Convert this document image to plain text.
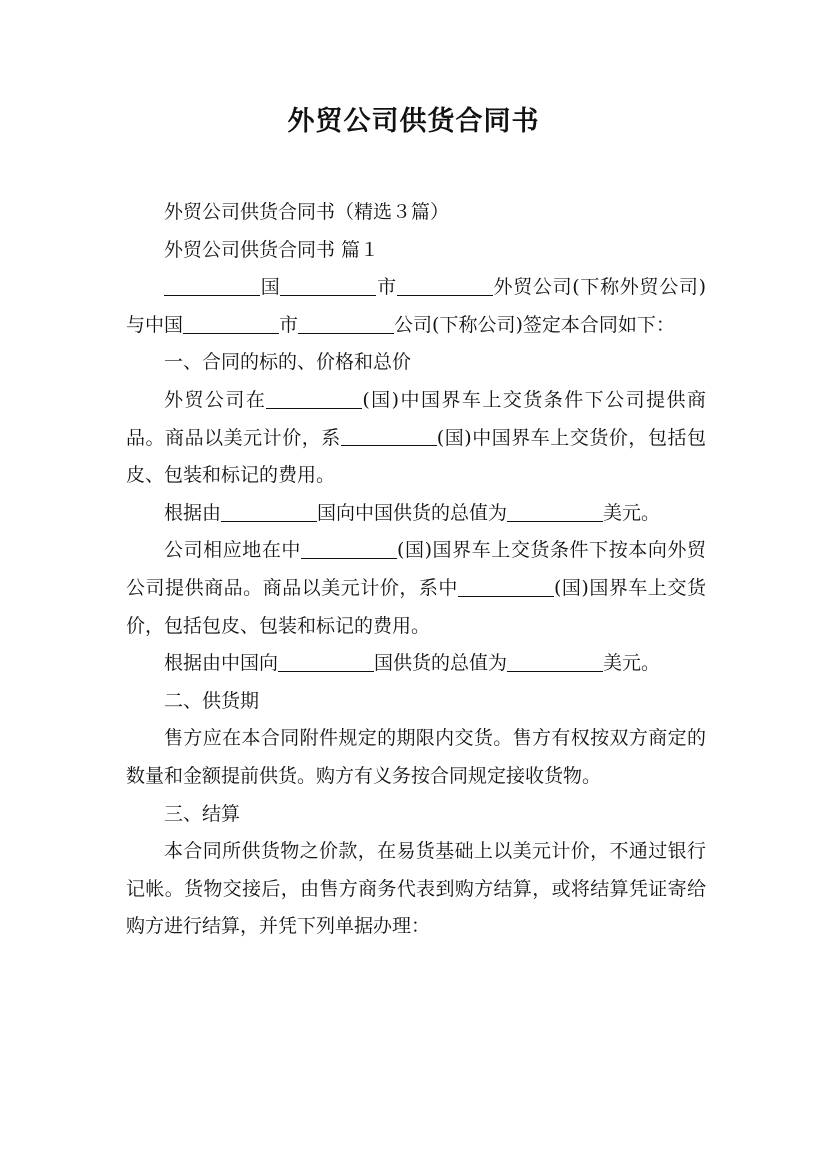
外贸公司供货合同书

外贸公司供货合同书（精选３篇）

外贸公司供货合同书 篇１

国	市	外贸公司(下称外贸公司)与中国	市	公司(下称公司)签定本合同如下：

一、合同的标的、价格和总价

外贸公司在	(国)中国界车上交货条件下公司提供商品。商品以美元计价，系	(国)中国界车上交货价，包括包皮、包装和标记的费用。

根据由	国向中国供货的总值为	美元。

公司相应地在中	(国)国界车上交货条件下按本向外贸公司提供商品。商品以美元计价，系中	(国)国界车上交货价，包括包皮、包装和标记的费用。

根据由中国向	国供货的总值为	美元。

二、供货期

售方应在本合同附件规定的期限内交货。售方有权按双方商定的数量和金额提前供货。购方有义务按合同规定接收货物。

三、结算

本合同所供货物之价款，在易货基础上以美元计价，不通过银行记帐。货物交接后，由售方商务代表到购方结算，或将结算凭证寄给购方进行结算，并凭下列单据办理：
